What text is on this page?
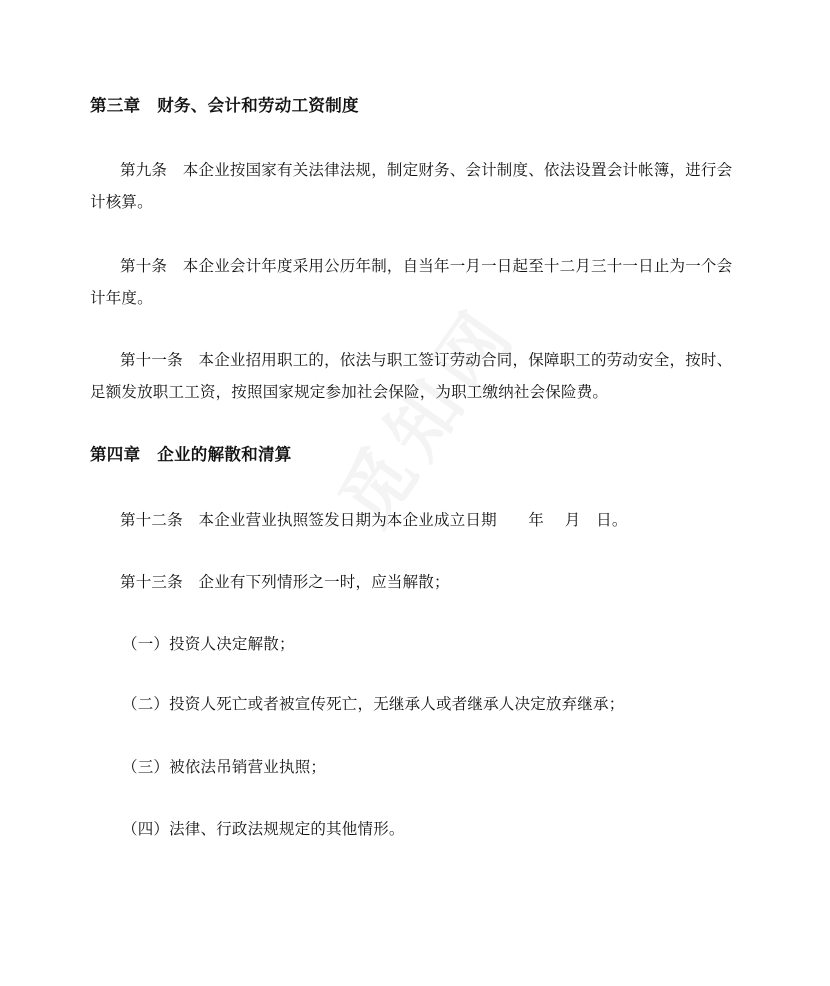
第三章　财务、会计和劳动工资制度
第九条　本企业按国家有关法律法规，制定财务、会计制度、依法设置会计帐簿，进行会
计核算。
第十条　本企业会计年度采用公历年制，自当年一月一日起至十二月三十一日止为一个会
计年度。
第十一条　本企业招用职工的，依法与职工签订劳动合同，保障职工的劳动安全，按时、
足额发放职工工资，按照国家规定参加社会保险，为职工缴纳社会保险费。
第四章　企业的解散和清算
第十二条　本企业营业执照签发日期为本企业成立日期　　年　 月　日。
第十三条　企业有下列情形之一时，应当解散；
（一）投资人决定解散；
（二）投资人死亡或者被宣传死亡，无继承人或者继承人决定放弃继承；
（三）被依法吊销营业执照；
（四）法律、行政法规规定的其他情形。
